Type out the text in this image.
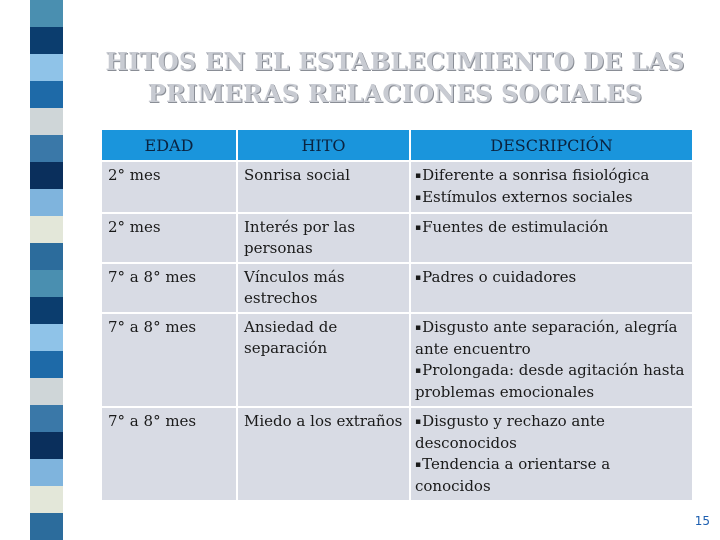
HITOS EN EL ESTABLECIMIENTO DE LAS PRIMERAS RELACIONES SOCIALES
EDAD	HITO	DESCRIPCIÓN
2° mes	Sonrisa social	▪Diferente a sonrisa fisiológica
▪Estímulos externos sociales

2° mes	Interés por las personas	▪Fuentes de estimulación

7° a 8° mes	Vínculos más estrechos	▪Padres o cuidadores

7° a 8° mes	Ansiedad de separación	▪Disgusto ante separación, alegría ante encuentro
▪Prolongada: desde agitación hasta problemas emocionales

7° a 8° mes	Miedo a los extraños	▪Disgusto y rechazo ante desconocidos
▪Tendencia a orientarse a conocidos
15
